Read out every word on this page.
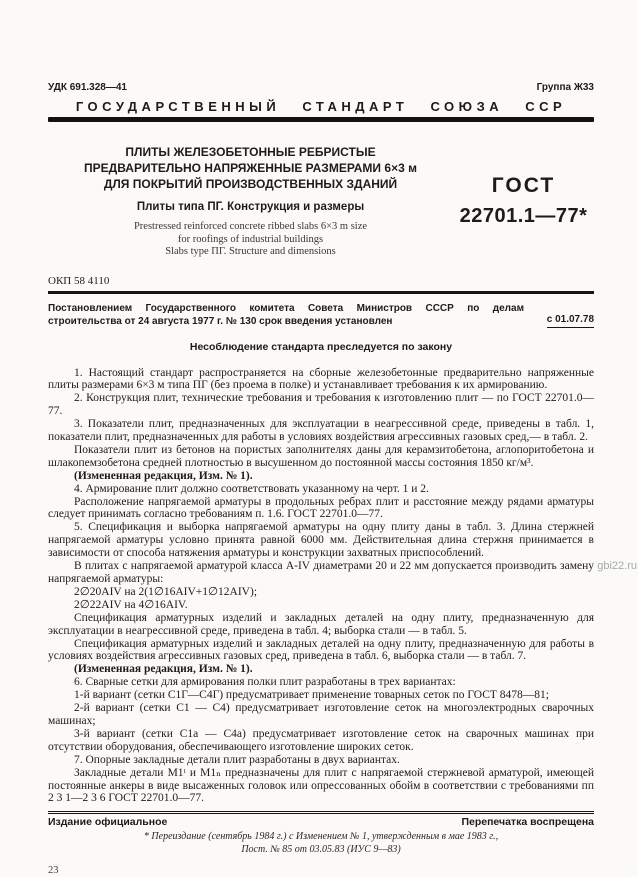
УДК 691.328—41	Группа Ж33
ГОСУДАРСТВЕННЫЙ СТАНДАРТ СОЮЗА ССР
ПЛИТЫ ЖЕЛЕЗОБЕТОННЫЕ РЕБРИСТЫЕ
ПРЕДВАРИТЕЛЬНО НАПРЯЖЕННЫЕ РАЗМЕРАМИ 6×3 м
ДЛЯ ПОКРЫТИЙ ПРОИЗВОДСТВЕННЫХ ЗДАНИЙ
Плиты типа ПГ. Конструкция и размеры
Prestressed reinforced concrete ribbed slabs 6×3 m size
for roofings of industrial buildings
Slabs type ПГ. Structure and dimensions
ГОСТ
22701.1—77*
ОКП 58 4110
Постановлением Государственного комитета Совета Министров СССР по делам строительства от 24 августа 1977 г. № 130 срок введения установлен	с 01.07.78
Несоблюдение стандарта преследуется по закону

1. Настоящий стандарт распространяется на сборные железобетонные предварительно напряженные плиты размерами 6×3 м типа ПГ (без проема в полке) и устанавливает требования к их армированию.

2. Конструкция плит, технические требования и требования к изготовлению плит — по ГОСТ 22701.0—77.

3. Показатели плит, предназначенных для эксплуатации в неагрессивной среде, приведены в табл. 1, показатели плит, предназначенных для работы в условиях воздействия агрессивных газовых сред,— в табл. 2.

Показатели плит из бетонов на пористых заполнителях даны для керамзитобетона, аглопоритобетона и шлакопемзобетона средней плотностью в высушенном до постоянной массы состояния 1850 кг/м³.

(Измененная редакция, Изм. № 1).

4. Армирование плит должно соответствовать указанному на черт. 1 и 2.

Расположение напрягаемой арматуры в продольных ребрах плит и расстояние между рядами арматуры следует принимать согласно требованиям п. 1.6. ГОСТ 22701.0—77.

5. Спецификация и выборка напрягаемой арматуры на одну плиту даны в табл. 3. Длина стержней напрягаемой арматуры условно принята равной 6000 мм. Действительная длина стержня принимается в зависимости от способа натяжения арматуры и конструкции захватных приспособлений.

В плитах с напрягаемой арматурой класса А-IV диаметрами 20 и 22 мм допускается производить замену напрягаемой арматуры:

2∅20АIV на 2(1∅16АIV+1∅12АIV);

2∅22АIV на 4∅16АIV.

Спецификация арматурных изделий и закладных деталей на одну плиту, предназначенную для эксплуатации в неагрессивной среде, приведена в табл. 4; выборка стали — в табл. 5.

Спецификация арматурных изделий и закладных деталей на одну плиту, предназначенную для работы в условиях воздействия агрессивных газовых сред, приведена в табл. 6, выборка стали — в табл. 7.

(Измененная редакция, Изм. № 1).

6. Сварные сетки для армирования полки плит разработаны в трех вариантах:

1-й вариант (сетки С1Г—С4Г) предусматривает применение товарных сеток по ГОСТ 8478—81;

2-й вариант (сетки С1 — С4) предусматривает изготовление сеток на многоэлектродных сварочных машинах;

3-й вариант (сетки С1а — С4а) предусматривает изготовление сеток на сварочных машинах при отсутствии оборудования, обеспечивающего изготовление широких сеток.

7. Опорные закладные детали плит разработаны в двух вариантах.

Закладные детали М1ᵗ и М1ₙ предназначены для плит с напрягаемой стержневой арматурой, имеющей постоянные анкеры в виде высаженных головок или опрессованных обойм в соответствии с требованиями пп 2 3 1—2 3 6 ГОСТ 22701.0—77.

Издание официальное	Перепечатка воспрещена
* Переиздание (сентябрь 1984 г.) с Изменением № 1, утвержденным в мае 1983 г.,
Пост. № 85 от 03.05.83 (ИУС 9—83)
23
gbi22.ru
